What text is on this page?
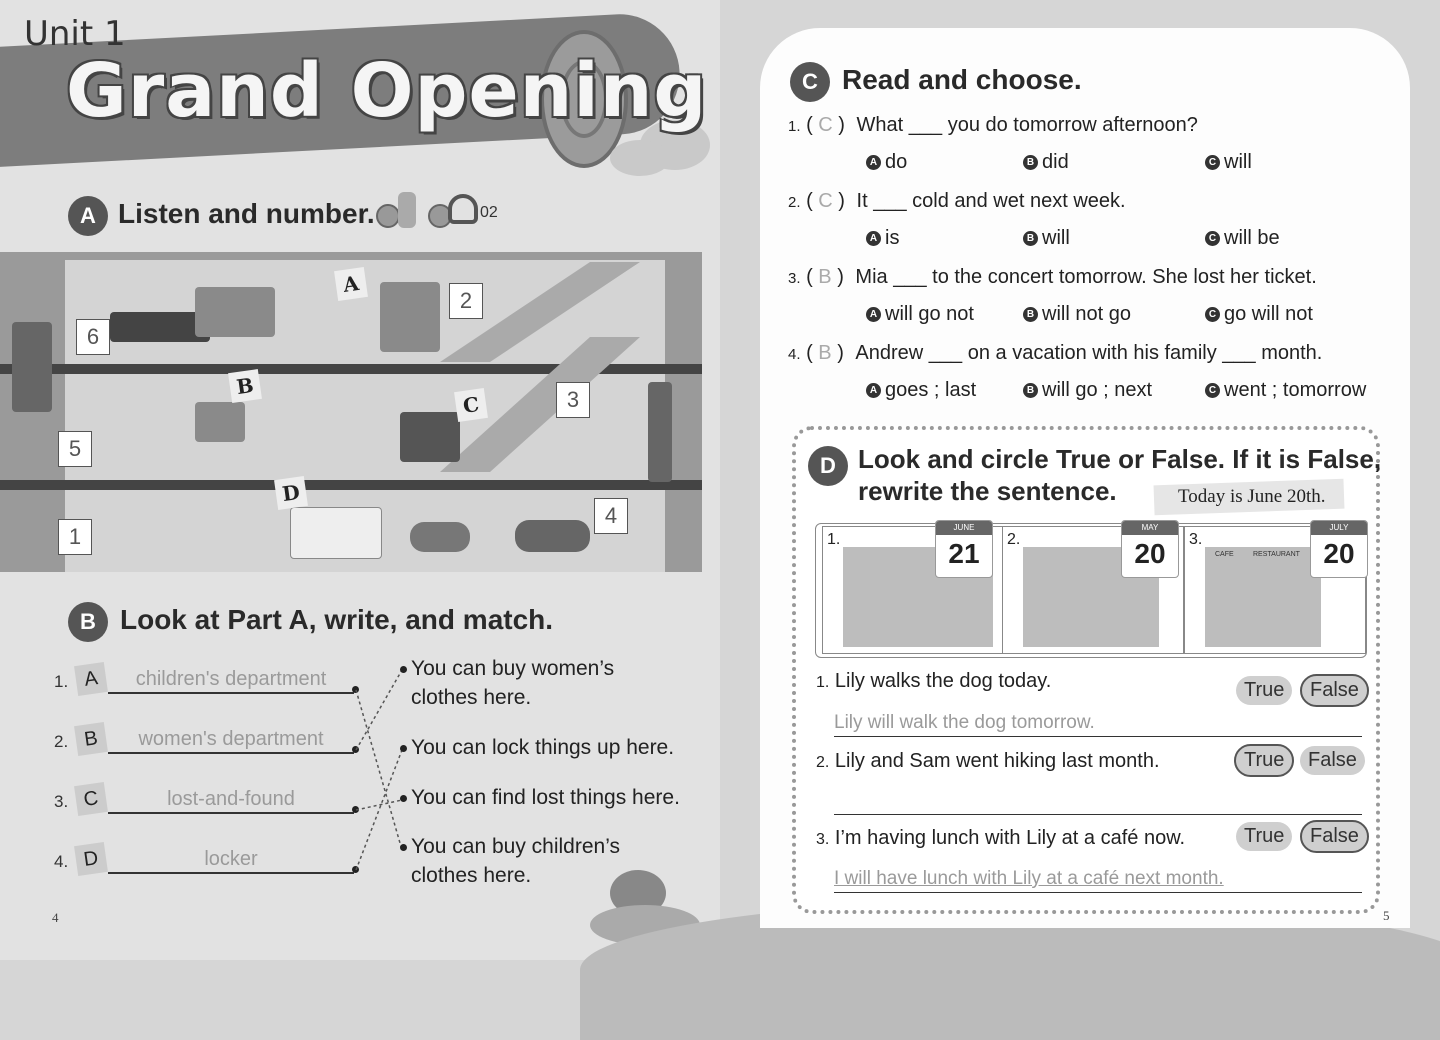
Unit 1
Grand Opening
A Listen and number.	02
6
2
3
5
1
4
A
B
C
D
B Look at Part A, write, and match.
1. A	children's department
2. B	women's department
3. C	lost-and-found
4. D	locker
You can buy women’s
clothes here.
You can lock things up here.
You can find lost things here.
You can buy children’s
clothes here.
4
C Read and choose.
1. ( C ) What ___ you do tomorrow afternoon?
A do	B did	C will
2. ( C ) It ___ cold and wet next week.
A is	B will	C will be
3. ( B ) Mia ___ to the concert tomorrow. She lost her ticket.
A will go not	B will not go	C go will not
4. ( B ) Andrew ___ on a vacation with his family ___ month.
A goes ; last	B will go ; next	C went ; tomorrow
D Look and circle True or False. If it is False,
rewrite the sentence.	Today is June 20th.
1.
JUNE
21	2.
MAY
20	3.
CAFE	RESTAURANT
JULY
20
1. Lily walks the dog today.	True	False
Lily will walk the dog tomorrow.
2. Lily and Sam went hiking last month.	True	False
3. I’m having lunch with Lily at a café now.	True	False
I will have lunch with Lily at a café next month.
5
